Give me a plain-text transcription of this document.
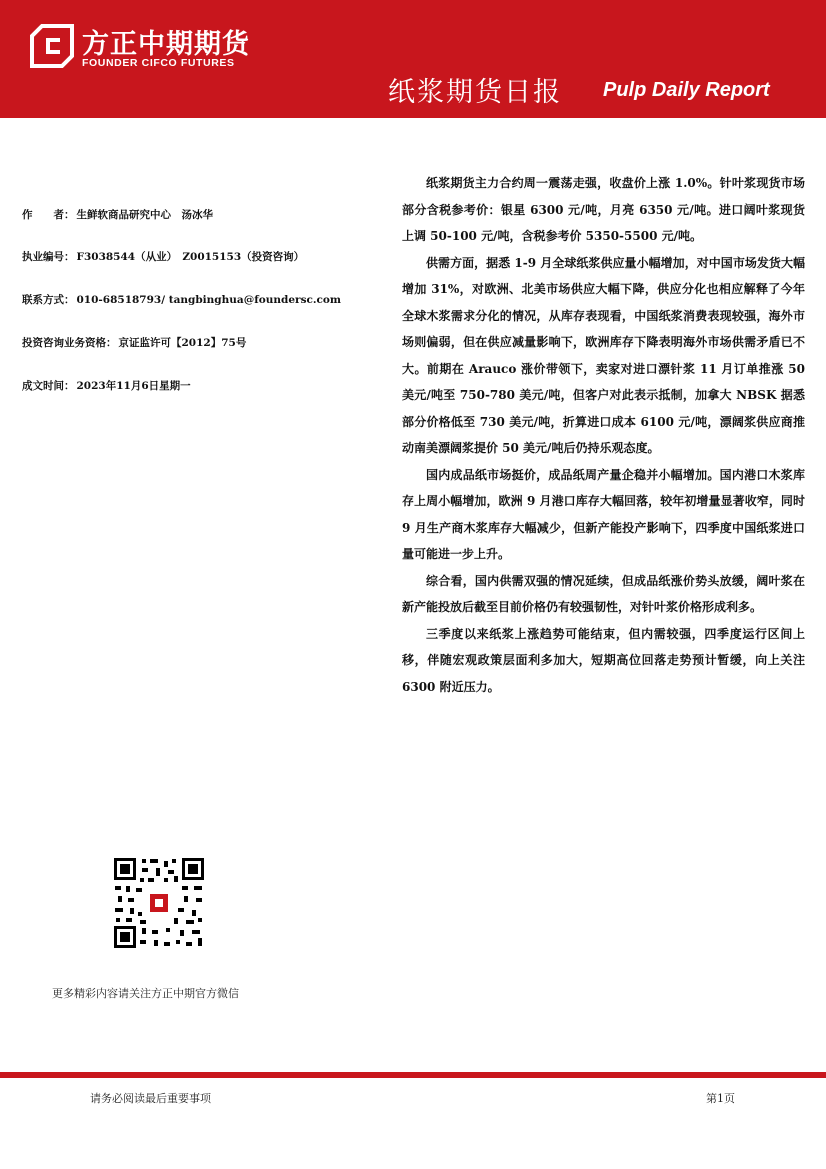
方正中期期货
FOUNDER CIFCO FUTURES
纸浆期货日报 Pulp Daily Report
作　　者： 生鲜软商品研究中心　汤冰华
执业编号： F3038544（从业）　Z0015153（投资咨询）
联系方式： 010-68518793/ tangbinghua@foundersc.com
投资咨询业务资格： 京证监许可【2012】75号
成文时间： 2023年11月6日星期一
更多精彩内容请关注方正中期官方微信

纸浆期货主力合约周一震荡走强，收盘价上涨 1.0%。针叶浆现货市场部分含税参考价：银星 6300 元/吨，月亮 6350 元/吨。进口阔叶浆现货上调 50-100 元/吨，含税参考价 5350-5500 元/吨。

供需方面，据悉 1-9 月全球纸浆供应量小幅增加，对中国市场发货大幅增加 31%，对欧洲、北美市场供应大幅下降，供应分化也相应解释了今年全球木浆需求分化的情况，从库存表现看，中国纸浆消费表现较强，海外市场则偏弱，但在供应减量影响下，欧洲库存下降表明海外市场供需矛盾已不大。前期在 Arauco 涨价带领下，卖家对进口漂针浆 11 月订单推涨 50 美元/吨至 750-780 美元/吨，但客户对此表示抵制，加拿大 NBSK 据悉部分价格低至 730 美元/吨，折算进口成本 6100 元/吨，漂阔浆供应商推动南美漂阔浆提价 50 美元/吨后仍持乐观态度。

国内成品纸市场挺价，成品纸周产量企稳并小幅增加。国内港口木浆库存上周小幅增加，欧洲 9 月港口库存大幅回落，较年初增量显著收窄，同时 9 月生产商木浆库存大幅减少，但新产能投产影响下，四季度中国纸浆进口量可能进一步上升。

综合看，国内供需双强的情况延续，但成品纸涨价势头放缓，阔叶浆在新产能投放后截至目前价格仍有较强韧性，对针叶浆价格形成利多。

三季度以来纸浆上涨趋势可能结束，但内需较强，四季度运行区间上移，伴随宏观政策层面利多加大，短期高位回落走势预计暂缓，向上关注 6300 附近压力。

请务必阅读最后重要事项	第1页
